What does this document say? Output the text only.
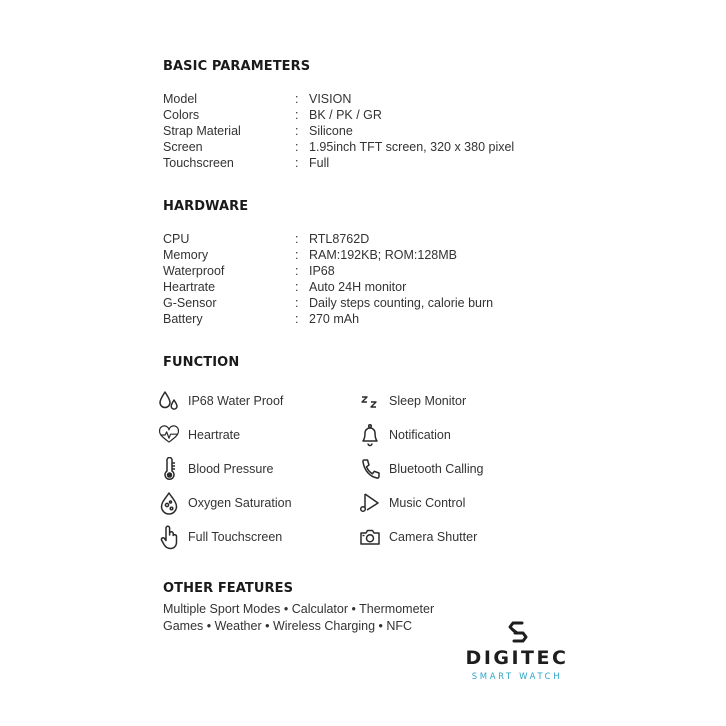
BASIC PARAMETERS
Model	: VISION
Colors	: BK / PK / GR
Strap Material	: Silicone
Screen	: 1.95inch TFT screen, 320 x 380 pixel
Touchscreen	: Full
HARDWARE
CPU	: RTL8762D
Memory	: RAM:192KB; ROM:128MB
Waterproof	: IP68
Heartrate	: Auto 24H monitor
G-Sensor	: Daily steps counting, calorie burn
Battery	: 270 mAh
FUNCTION
IP68 Water Proof
Heartrate
Blood Pressure
Oxygen Saturation
Full Touchscreen
Sleep Monitor
Notification
Bluetooth Calling
Music Control
Camera Shutter
OTHER FEATURES
Multiple Sport Modes • Calculator • Thermometer
Games • Weather • Wireless Charging • NFC
DIGITEC
SMART WATCH
